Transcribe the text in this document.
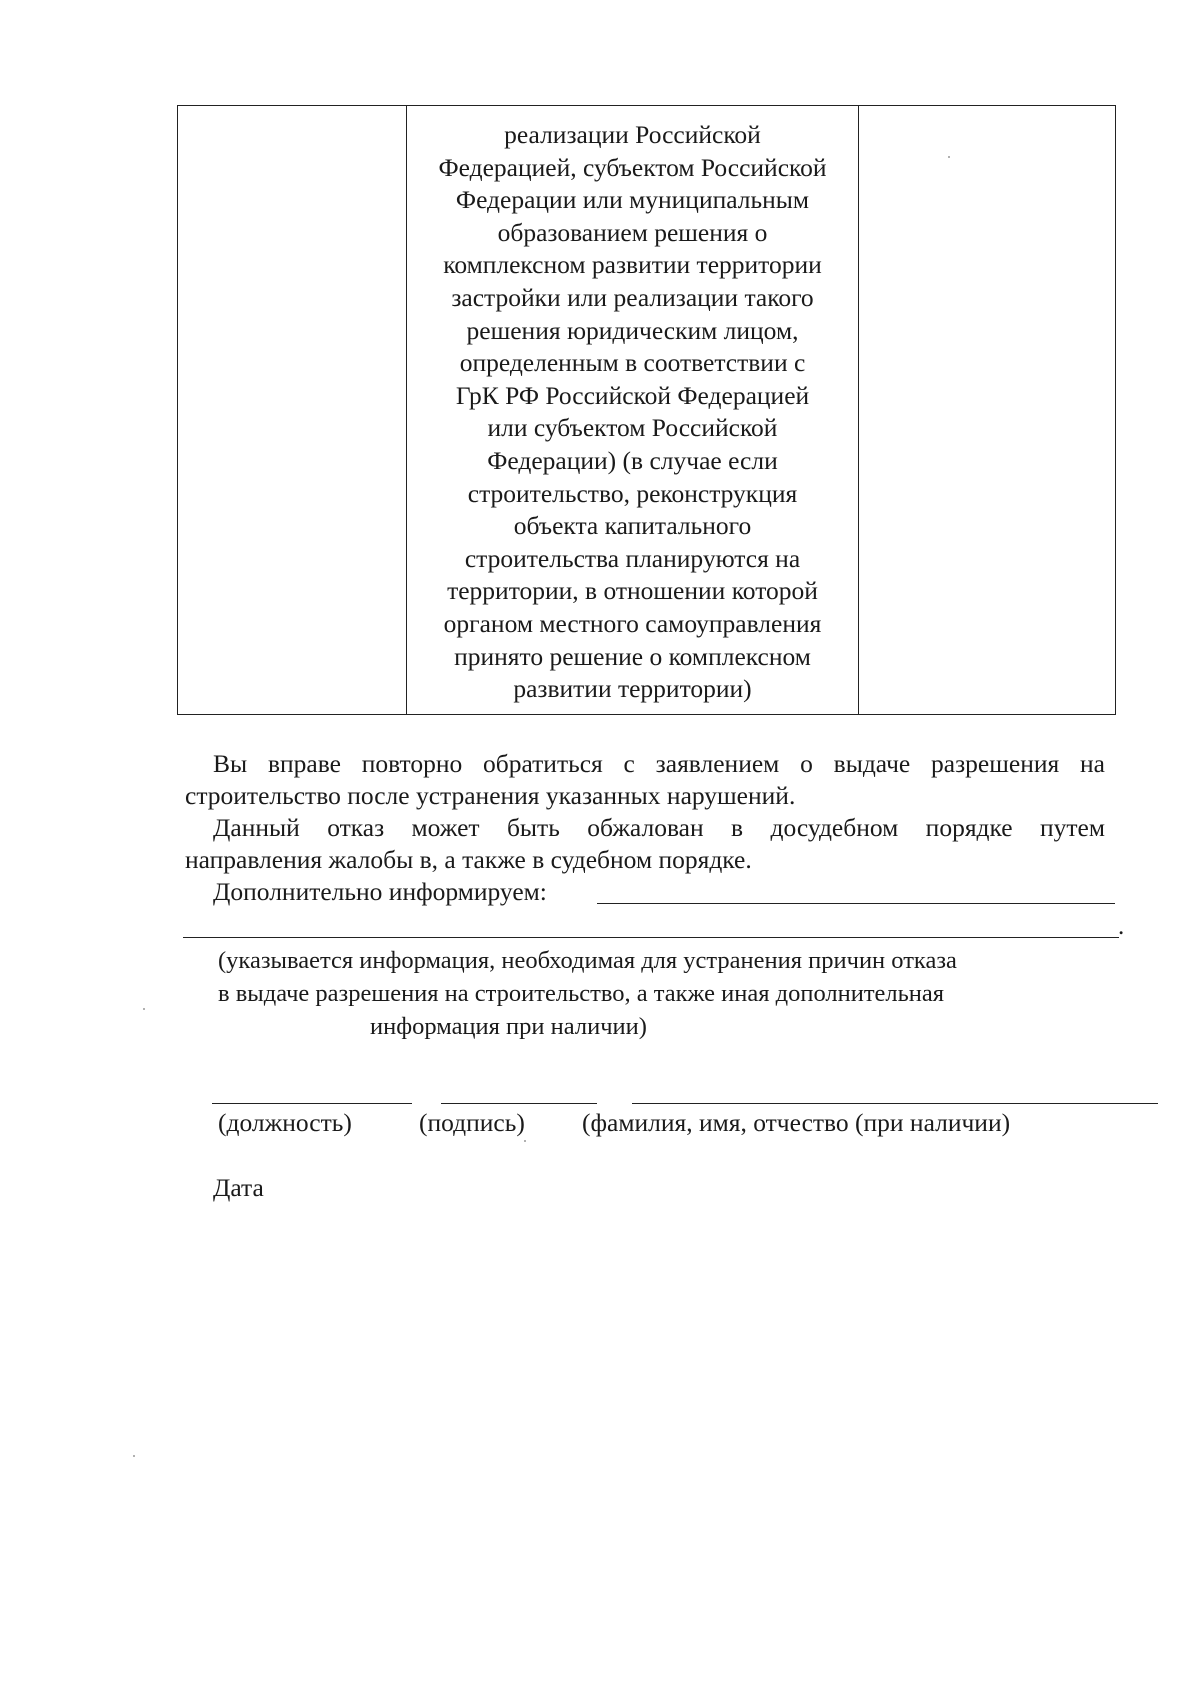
реализации Российской
Федерацией, субъектом Российской
Федерации или муниципальным
образованием решения о
комплексном развитии территории
застройки или реализации такого
решения юридическим лицом,
определенным в соответствии с
ГрК РФ Российской Федерацией
или субъектом Российской
Федерации) (в случае если
строительство, реконструкция
объекта капитального
строительства планируются на
территории, в отношении которой
органом местного самоуправления
принято решение о комплексном
развитии территории)
Вы вправе повторно обратиться с заявлением о выдаче разрешения на
строительство после устранения указанных нарушений.
Данный отказ может быть обжалован в досудебном порядке путем
направления жалобы в, а также в судебном порядке.
Дополнительно информируем:
.
(указывается информация, необходимая для устранения причин отказа
в выдаче разрешения на строительство, а также иная дополнительная
информация при наличии)
(должность)	(подпись) (фамилия, имя, отчество (при наличии)
Дата
